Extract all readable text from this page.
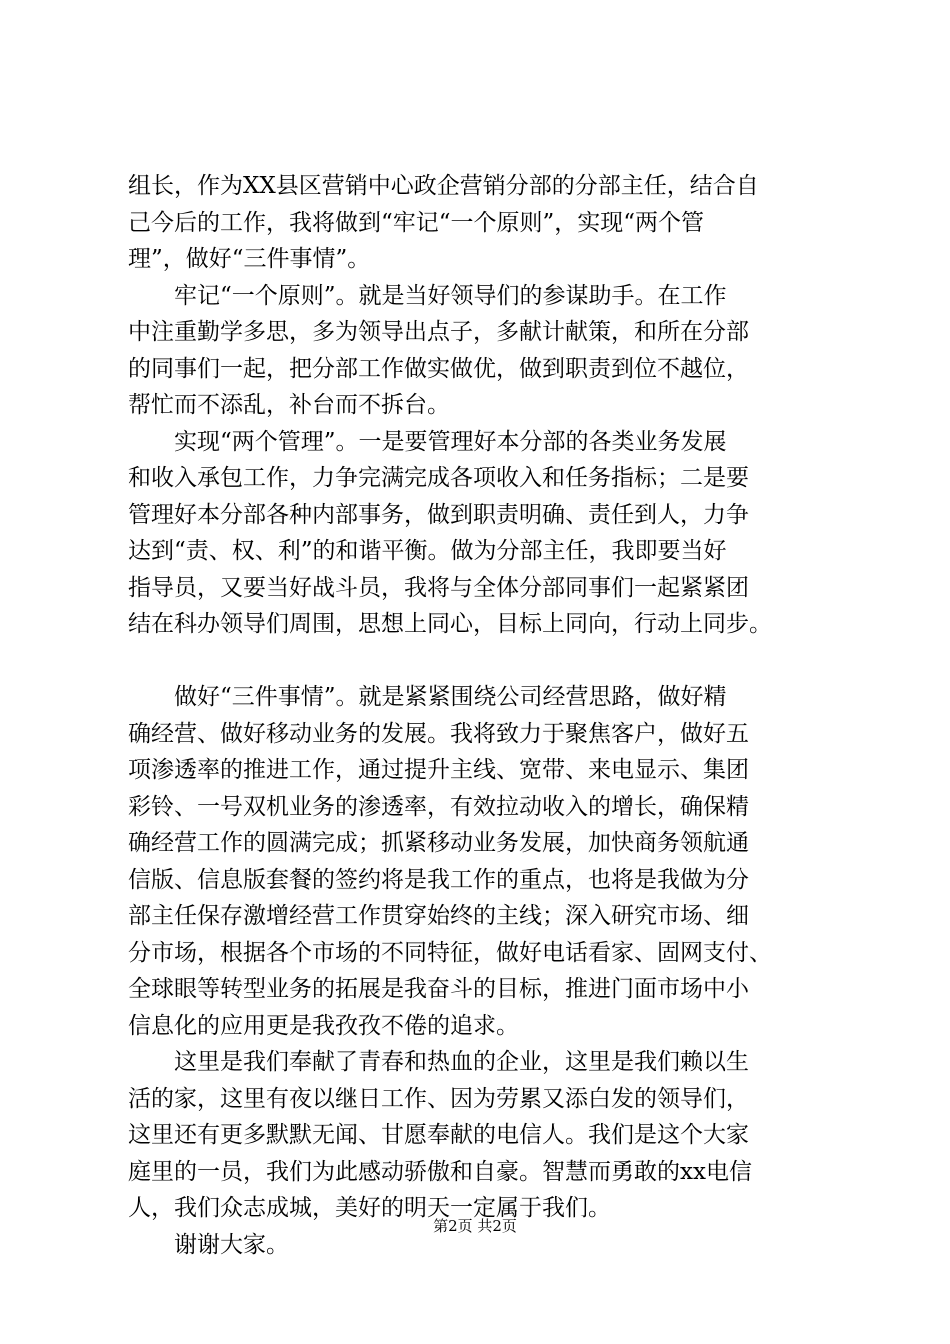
组长，作为XX县区营销中心政企营销分部的分部主任，结合自
己今后的工作，我将做到“牢记“一个原则”，实现“两个管
理”，做好“三件事情”。
牢记“一个原则”。就是当好领导们的参谋助手。在工作
中注重勤学多思，多为领导出点子，多献计献策，和所在分部
的同事们一起，把分部工作做实做优，做到职责到位不越位，
帮忙而不添乱，补台而不拆台。
实现“两个管理”。一是要管理好本分部的各类业务发展
和收入承包工作，力争完满完成各项收入和任务指标；二是要
管理好本分部各种内部事务，做到职责明确、责任到人，力争
达到“责、权、利”的和谐平衡。做为分部主任，我即要当好
指导员，又要当好战斗员，我将与全体分部同事们一起紧紧团
结在科办领导们周围，思想上同心，目标上同向，行动上同步。
做好“三件事情”。就是紧紧围绕公司经营思路，做好精
确经营、做好移动业务的发展。我将致力于聚焦客户，做好五
项渗透率的推进工作，通过提升主线、宽带、来电显示、集团
彩铃、一号双机业务的渗透率，有效拉动收入的增长，确保精
确经营工作的圆满完成；抓紧移动业务发展，加快商务领航通
信版、信息版套餐的签约将是我工作的重点，也将是我做为分
部主任保存激增经营工作贯穿始终的主线；深入研究市场、细
分市场，根据各个市场的不同特征，做好电话看家、固网支付、
全球眼等转型业务的拓展是我奋斗的目标，推进门面市场中小
信息化的应用更是我孜孜不倦的追求。
这里是我们奉献了青春和热血的企业，这里是我们赖以生
活的家，这里有夜以继日工作、因为劳累又添白发的领导们，
这里还有更多默默无闻、甘愿奉献的电信人。我们是这个大家
庭里的一员，我们为此感动骄傲和自豪。智慧而勇敢的xx电信
人，我们众志成城，美好的明天一定属于我们。
谢谢大家。
第2页 共2页
